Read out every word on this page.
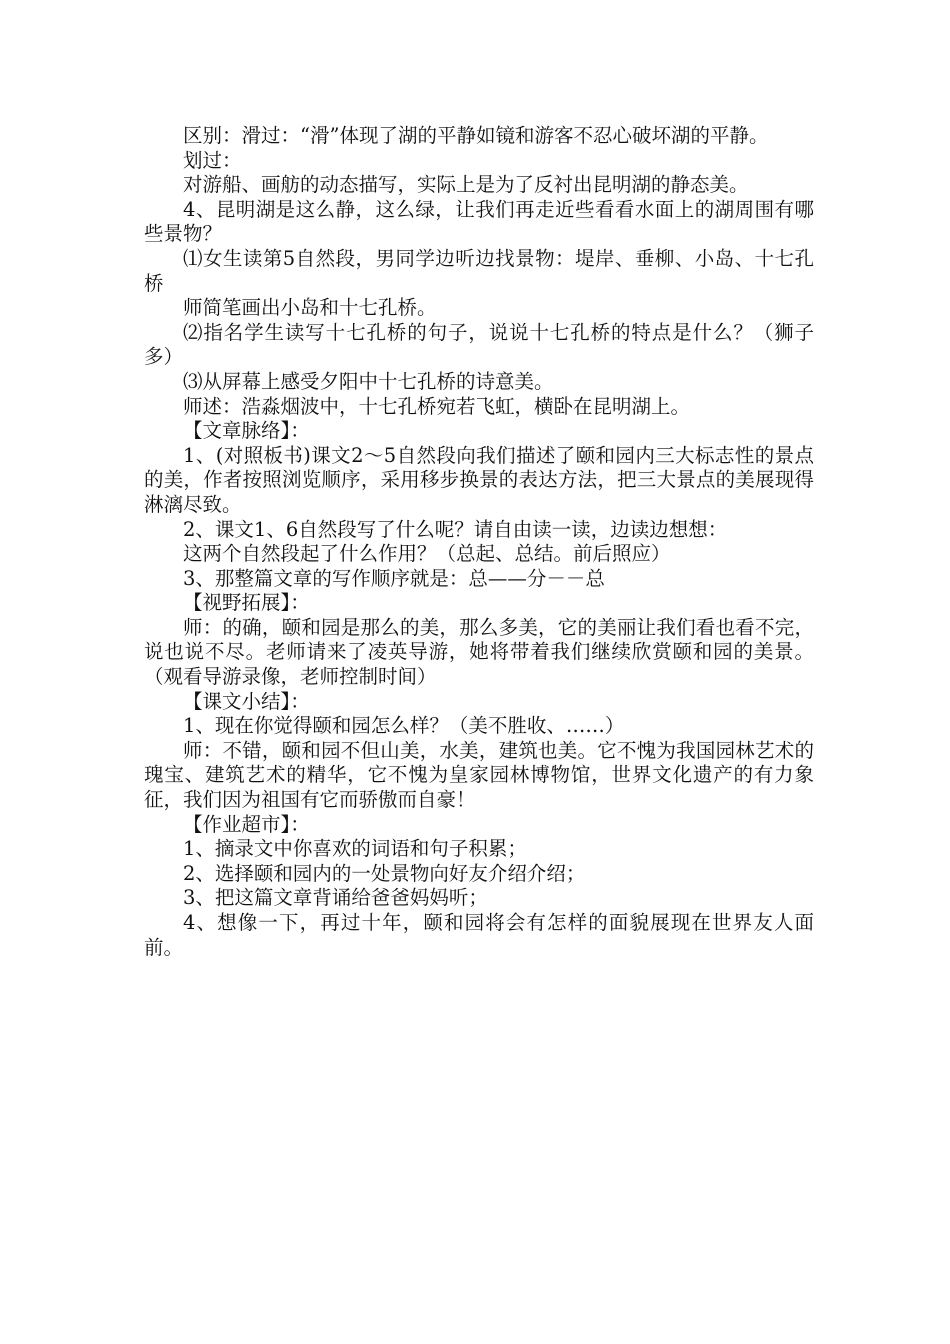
区别：滑过：“滑”体现了湖的平静如镜和游客不忍心破坏湖的平静。

划过：

对游船、画舫的动态描写，实际上是为了反衬出昆明湖的静态美。

4、昆明湖是这么静，这么绿，让我们再走近些看看水面上的湖周围有哪些景物？

⑴女生读第5自然段，男同学边听边找景物：堤岸、垂柳、小岛、十七孔桥

师简笔画出小岛和十七孔桥。

⑵指名学生读写十七孔桥的句子，说说十七孔桥的特点是什么？（狮子多）

⑶从屏幕上感受夕阳中十七孔桥的诗意美。

师述：浩淼烟波中，十七孔桥宛若飞虹，横卧在昆明湖上。

【文章脉络】：

1、(对照板书)课文2～5自然段向我们描述了颐和园内三大标志性的景点的美，作者按照浏览顺序，采用移步换景的表达方法，把三大景点的美展现得淋漓尽致。

2、课文1、6自然段写了什么呢？请自由读一读，边读边想想：

这两个自然段起了什么作用？（总起、总结。前后照应）

3、那整篇文章的写作顺序就是：总——分－－总

【视野拓展】：

师：的确，颐和园是那么的美，那么多美，它的美丽让我们看也看不完，说也说不尽。老师请来了凌英导游，她将带着我们继续欣赏颐和园的美景。（观看导游录像，老师控制时间）

【课文小结】：

1、现在你觉得颐和园怎么样？（美不胜收、……）

师：不错，颐和园不但山美，水美，建筑也美。它不愧为我国园林艺术的瑰宝、建筑艺术的精华，它不愧为皇家园林博物馆，世界文化遗产的有力象征，我们因为祖国有它而骄傲而自豪！

【作业超市】：

1、摘录文中你喜欢的词语和句子积累；

2、选择颐和园内的一处景物向好友介绍介绍；

3、把这篇文章背诵给爸爸妈妈听；

4、想像一下，再过十年，颐和园将会有怎样的面貌展现在世界友人面前。
